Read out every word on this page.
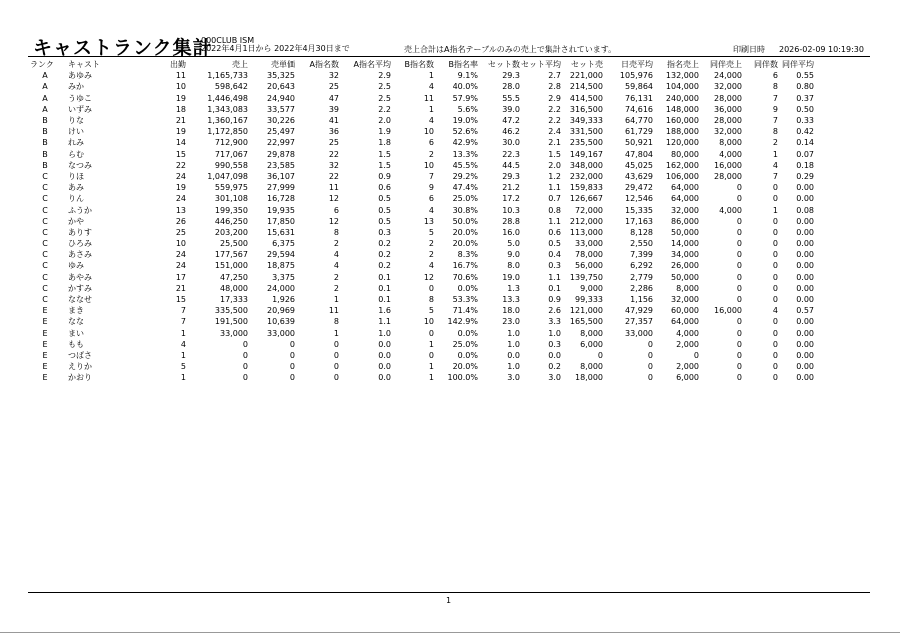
キャストランク集計
000CLUB ISM
2022年4月1日から 2022年4月30日まで	売上合計はA指名テーブルのみの売上で集計されています。	印刷日時 2026-02-09 10:19:30
ランク	キャスト	出勤	売上	売単価	A指名数	A指名平均	B指名数	B指名率	セット数	セット平均	セット売	日売平均	指名売上	同伴売上	同伴数	同伴平均
A	あゆみ	11	1,165,733	35,325	32	2.9	1	9.1%	29.3	2.7	221,000	105,976	132,000	24,000	6	0.55
A	みか	10	598,642	20,643	25	2.5	4	40.0%	28.0	2.8	214,500	59,864	104,000	32,000	8	0.80
A	うゆこ	19	1,446,498	24,940	47	2.5	11	57.9%	55.5	2.9	414,500	76,131	240,000	28,000	7	0.37
A	いずみ	18	1,343,083	33,577	39	2.2	1	5.6%	39.0	2.2	316,500	74,616	148,000	36,000	9	0.50
B	りな	21	1,360,167	30,226	41	2.0	4	19.0%	47.2	2.2	349,333	64,770	160,000	28,000	7	0.33
B	けい	19	1,172,850	25,497	36	1.9	10	52.6%	46.2	2.4	331,500	61,729	188,000	32,000	8	0.42
B	れみ	14	712,900	22,997	25	1.8	6	42.9%	30.0	2.1	235,500	50,921	120,000	8,000	2	0.14
B	らむ	15	717,067	29,878	22	1.5	2	13.3%	22.3	1.5	149,167	47,804	80,000	4,000	1	0.07
B	なつみ	22	990,558	23,585	32	1.5	10	45.5%	44.5	2.0	348,000	45,025	162,000	16,000	4	0.18
C	りほ	24	1,047,098	36,107	22	0.9	7	29.2%	29.3	1.2	232,000	43,629	106,000	28,000	7	0.29
C	あみ	19	559,975	27,999	11	0.6	9	47.4%	21.2	1.1	159,833	29,472	64,000	0	0	0.00
C	りん	24	301,108	16,728	12	0.5	6	25.0%	17.2	0.7	126,667	12,546	64,000	0	0	0.00
C	ふうか	13	199,350	19,935	6	0.5	4	30.8%	10.3	0.8	72,000	15,335	32,000	4,000	1	0.08
C	かや	26	446,250	17,850	12	0.5	13	50.0%	28.8	1.1	212,000	17,163	86,000	0	0	0.00
C	ありす	25	203,200	15,631	8	0.3	5	20.0%	16.0	0.6	113,000	8,128	50,000	0	0	0.00
C	ひろみ	10	25,500	6,375	2	0.2	2	20.0%	5.0	0.5	33,000	2,550	14,000	0	0	0.00
C	あさみ	24	177,567	29,594	4	0.2	2	8.3%	9.0	0.4	78,000	7,399	34,000	0	0	0.00
C	ゆみ	24	151,000	18,875	4	0.2	4	16.7%	8.0	0.3	56,000	6,292	26,000	0	0	0.00
C	あやみ	17	47,250	3,375	2	0.1	12	70.6%	19.0	1.1	139,750	2,779	50,000	0	0	0.00
C	かすみ	21	48,000	24,000	2	0.1	0	0.0%	1.3	0.1	9,000	2,286	8,000	0	0	0.00
C	ななせ	15	17,333	1,926	1	0.1	8	53.3%	13.3	0.9	99,333	1,156	32,000	0	0	0.00
E	まき	7	335,500	20,969	11	1.6	5	71.4%	18.0	2.6	121,000	47,929	60,000	16,000	4	0.57
E	なな	7	191,500	10,639	8	1.1	10	142.9%	23.0	3.3	165,500	27,357	64,000	0	0	0.00
E	まい	1	33,000	33,000	1	1.0	0	0.0%	1.0	1.0	8,000	33,000	4,000	0	0	0.00
E	もも	4	0	0	0	0.0	1	25.0%	1.0	0.3	6,000	0	2,000	0	0	0.00
E	つばさ	1	0	0	0	0.0	0	0.0%	0.0	0.0	0	0	0	0	0	0.00
E	えりか	5	0	0	0	0.0	1	20.0%	1.0	0.2	8,000	0	2,000	0	0	0.00
E	かおり	1	0	0	0	0.0	1	100.0%	3.0	3.0	18,000	0	6,000	0	0	0.00
1
